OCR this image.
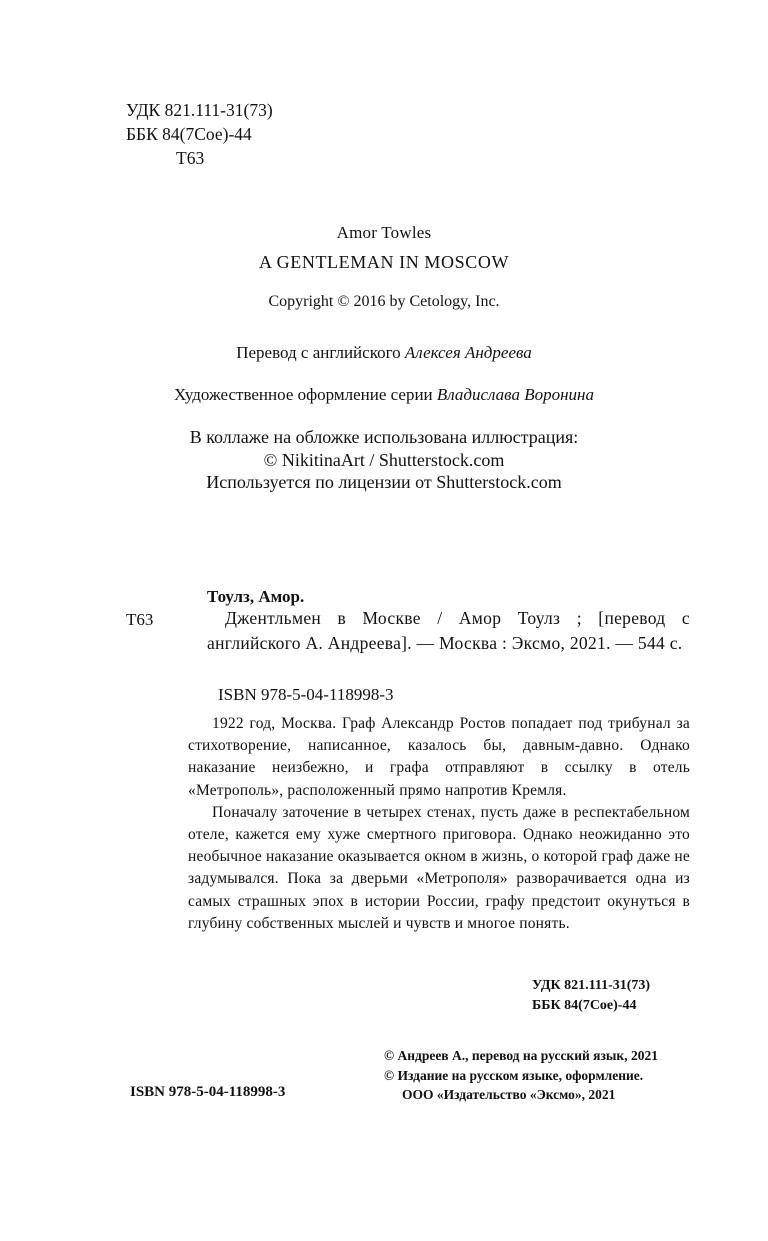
УДК 821.111-31(73)
ББК 84(7Сое)-44
Т63
Amor Towles
A GENTLEMAN IN MOSCOW
Copyright © 2016 by Cetology, Inc.
Перевод с английского Алексея Андреева
Художественное оформление серии Владислава Воронина
В коллаже на обложке использована иллюстрация:
© NikitinaArt / Shutterstock.com
Используется по лицензии от Shutterstock.com
Тоулз, Амор.
Т63	Джентльмен в Москве / Амор Тоулз ; [перевод с английского А. Андреева]. — Москва : Эксмо, 2021. — 544 с.
ISBN 978-5-04-118998-3

1922 год, Москва. Граф Александр Ростов попадает под трибунал за стихотворение, написанное, казалось бы, давным-давно. Однако наказание неизбежно, и графа отправляют в ссылку в отель «Метрополь», расположенный прямо напротив Кремля.

Поначалу заточение в четырех стенах, пусть даже в респектабельном отеле, кажется ему хуже смертного приговора. Однако неожиданно это необычное наказание оказывается окном в жизнь, о которой граф даже не задумывался. Пока за дверьми «Метрополя» разворачивается одна из самых страшных эпох в истории России, графу предстоит окунуться в глубину собственных мыслей и чувств и многое понять.

УДК 821.111-31(73)
ББК 84(7Сое)-44
© Андреев А., перевод на русский язык, 2021
© Издание на русском языке, оформление.
ООО «Издательство «Эксмо», 2021
ISBN 978-5-04-118998-3
